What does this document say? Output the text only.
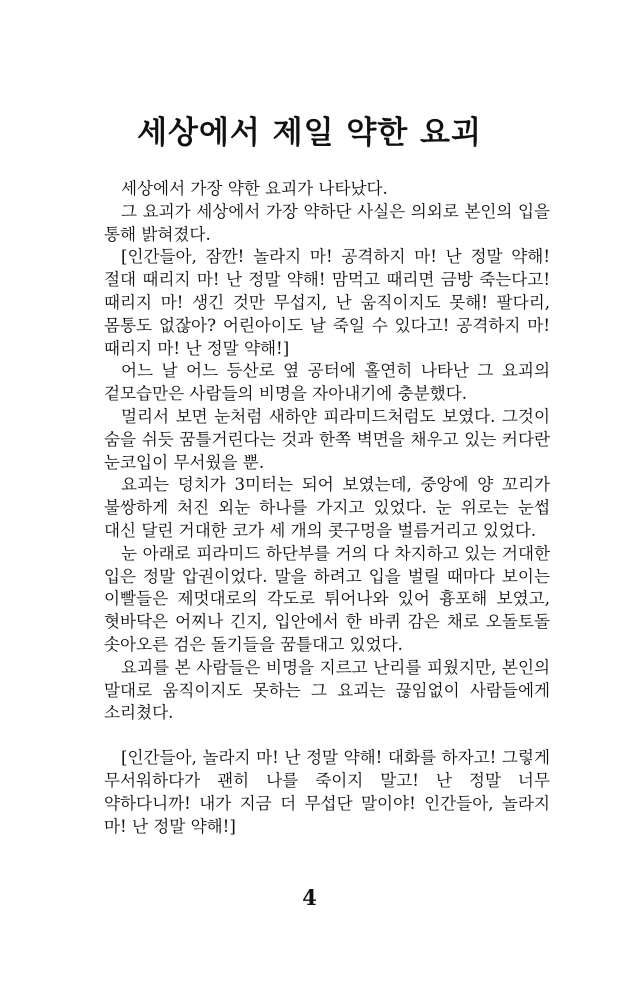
세상에서 제일 약한 요괴

세상에서 가장 약한 요괴가 나타났다.

그 요괴가 세상에서 가장 약하단 사실은 의외로 본인의 입을 통해 밝혀졌다.

[인간들아, 잠깐! 놀라지 마! 공격하지 마! 난 정말 약해! 절대 때리지 마! 난 정말 약해! 맘먹고 때리면 금방 죽는다고! 때리지 마! 생긴 것만 무섭지, 난 움직이지도 못해! 팔다리, 몸통도 없잖아? 어린아이도 날 죽일 수 있다고! 공격하지 마! 때리지 마! 난 정말 약해!]

어느 날 어느 등산로 옆 공터에 홀연히 나타난 그 요괴의 겉모습만은 사람들의 비명을 자아내기에 충분했다.

멀리서 보면 눈처럼 새하얀 피라미드처럼도 보였다. 그것이 숨을 쉬듯 꿈틀거린다는 것과 한쪽 벽면을 채우고 있는 커다란 눈코입이 무서웠을 뿐.

요괴는 덩치가 3미터는 되어 보였는데, 중앙에 양 꼬리가 불쌍하게 처진 외눈 하나를 가지고 있었다. 눈 위로는 눈썹 대신 달린 거대한 코가 세 개의 콧구멍을 벌름거리고 있었다.

눈 아래로 피라미드 하단부를 거의 다 차지하고 있는 거대한 입은 정말 압권이었다. 말을 하려고 입을 벌릴 때마다 보이는 이빨들은 제멋대로의 각도로 튀어나와 있어 흉포해 보였고, 혓바닥은 어찌나 긴지, 입안에서 한 바퀴 감은 채로 오돌토돌 솟아오른 검은 돌기들을 꿈틀대고 있었다.

요괴를 본 사람들은 비명을 지르고 난리를 피웠지만, 본인의 말대로 움직이지도 못하는 그 요괴는 끊임없이 사람들에게 소리쳤다.

[인간들아, 놀라지 마! 난 정말 약해! 대화를 하자고! 그렇게 무서워하다가 괜히 나를 죽이지 말고! 난 정말 너무 약하다니까! 내가 지금 더 무섭단 말이야! 인간들아, 놀라지 마! 난 정말 약해!]

4
